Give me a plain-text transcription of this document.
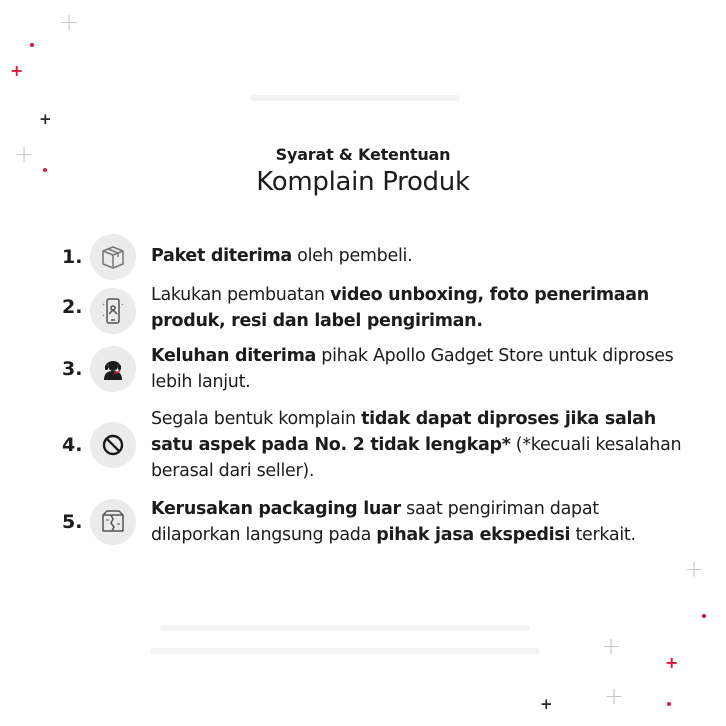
+
+
+
+
+
+
+
+
+
Syarat & Ketentuan
Komplain Produk
1.	Paket diterima oleh pembeli.
2.
Lakukan pembuatan video unboxing, foto penerimaan produk, resi dan label pengiriman.
3.
Keluhan diterima pihak Apollo Gadget Store untuk diproses lebih lanjut.
4.
Segala bentuk komplain tidak dapat diproses jika salah satu aspek pada No. 2 tidak lengkap* (*kecuali kesalahan berasal dari seller).
5.
Kerusakan packaging luar saat pengiriman dapat dilaporkan langsung pada pihak jasa ekspedisi terkait.
